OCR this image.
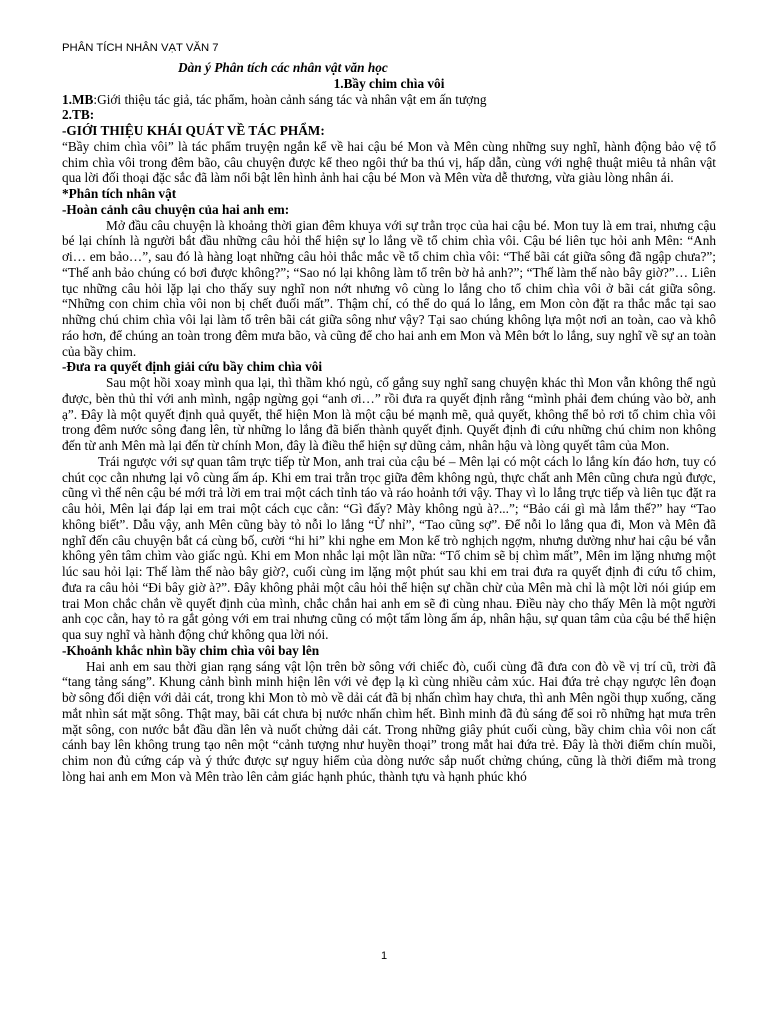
PHÂN TÍCH NHÂN VẠT VĂN 7
Dàn ý Phân tích các nhân vật văn học
1.Bầy chim chìa vôi
1.MB:Giới thiệu tác giả, tác phẩm, hoàn cảnh sáng tác và nhân vật em ấn tượng
2.TB:
-GIỚI THIỆU KHÁI QUÁT VỀ TÁC PHẨM:

“Bầy chim chìa vôi” là tác phẩm truyện ngắn kể về hai cậu bé Mon và Mên cùng những suy nghĩ, hành động bảo vệ tổ chim chìa vôi trong đêm bão, câu chuyện được kể theo ngôi thứ ba thú vị, hấp dẫn, cùng với nghệ thuật miêu tả nhân vật qua lời đối thoại đặc sắc đã làm nổi bật lên hình ảnh hai cậu bé Mon và Mên vừa dễ thương, vừa giàu lòng nhân ái.

*Phân tích nhân vật
-Hoàn cảnh câu chuyện của hai anh em:

Mở đầu câu chuyện là khoảng thời gian đêm khuya với sự trằn trọc của hai cậu bé. Mon tuy là em trai, nhưng cậu bé lại chính là người bắt đầu những câu hỏi thể hiện sự lo lắng về tổ chim chìa vôi. Cậu bé liên tục hỏi anh Mên: “Anh ơi… em bảo…”, sau đó là hàng loạt những câu hỏi thắc mắc về tổ chim chìa vôi: “Thế bãi cát giữa sông đã ngập chưa?”; “Thế anh bảo chúng có bơi được không?”; “Sao nó lại không làm tổ trên bờ hả anh?”; “Thế làm thế nào bây giờ?”… Liên tục những câu hỏi lặp lại cho thấy suy nghĩ non nớt nhưng vô cùng lo lắng cho tổ chim chìa vôi ở bãi cát giữa sông. “Những con chim chìa vôi non bị chết đuối mất”. Thậm chí, có thể do quá lo lắng, em Mon còn đặt ra thắc mắc tại sao những chú chim chìa vôi lại làm tổ trên bãi cát giữa sông như vậy? Tại sao chúng không lựa một nơi an toàn, cao và khô ráo hơn, để chúng an toàn trong đêm mưa bão, và cũng để cho hai anh em Mon và Mên bớt lo lắng, suy nghĩ về sự an toàn của bầy chim.

-Đưa ra quyết định giải cứu bầy chim chìa vôi

Sau một hồi xoay mình qua lại, thì thầm khó ngủ, cố gắng suy nghĩ sang chuyện khác thì Mon vẫn không thể ngủ được, bèn thủ thỉ với anh mình, ngập ngừng gọi “anh ơi…” rồi đưa ra quyết định rằng “mình phải đem chúng vào bờ, anh ạ”. Đây là một quyết định quả quyết, thể hiện Mon là một cậu bé mạnh mẽ, quả quyết, không thể bỏ rơi tổ chim chìa vôi trong đêm nước sông đang lên, từ những lo lắng đã biến thành quyết định. Quyết định đi cứu những chú chim non không đến từ anh Mên mà lại đến từ chính Mon, đây là điều thể hiện sự dũng cảm, nhân hậu và lòng quyết tâm của Mon.

Trái ngược với sự quan tâm trực tiếp từ Mon, anh trai của cậu bé – Mên lại có một cách lo lắng kín đáo hơn, tuy có chút cọc cằn nhưng lại vô cùng ấm áp. Khi em trai trằn trọc giữa đêm không ngủ, thực chất anh Mên cũng chưa ngủ được, cũng vì thế nên cậu bé mới trả lời em trai một cách tỉnh táo và ráo hoảnh tới vậy. Thay vì lo lắng trực tiếp và liên tục đặt ra câu hỏi, Mên lại đáp lại em trai một cách cục cằn: “Gì đấy? Mày không ngủ à?...”; “Bảo cái gì mà lắm thế?” hay “Tao không biết”. Dẫu vậy, anh Mên cũng bày tỏ nỗi lo lắng “Ừ nhỉ”, “Tao cũng sợ”. Để nỗi lo lắng qua đi, Mon và Mên đã nghĩ đến câu chuyện bắt cá cùng bố, cười “hi hi” khi nghe em Mon kể trò nghịch ngợm, nhưng dường như hai cậu bé vẫn không yên tâm chìm vào giấc ngủ. Khi em Mon nhắc lại một lần nữa: “Tổ chim sẽ bị chìm mất”, Mên im lặng nhưng một lúc sau hỏi lại: Thế làm thế nào bây giờ?, cuối cùng im lặng một phút sau khi em trai đưa ra quyết định đi cứu tổ chim, đưa ra câu hỏi “Đi bây giờ à?”. Đây không phải một câu hỏi thể hiện sự chần chừ của Mên mà chỉ là một lời nói giúp em trai Mon chắc chắn về quyết định của mình, chắc chắn hai anh em sẽ đi cùng nhau. Điều này cho thấy Mên là một người anh cọc cằn, hay tỏ ra gắt gỏng với em trai nhưng cũng có một tấm lòng ấm áp, nhân hậu, sự quan tâm của cậu bé thể hiện qua suy nghĩ và hành động chứ không qua lời nói.

-Khoảnh khắc nhìn bầy chim chìa vôi bay lên

Hai anh em sau thời gian rạng sáng vật lộn trên bờ sông với chiếc đò, cuối cùng đã đưa con đò về vị trí cũ, trời đã “tang tảng sáng”. Khung cảnh bình minh hiện lên với vẻ đẹp lạ kì cùng nhiều cảm xúc. Hai đứa trẻ chạy ngược lên đoạn bờ sông đối diện với dải cát, trong khi Mon tò mò về dải cát đã bị nhấn chìm hay chưa, thì anh Mên ngồi thụp xuống, căng mắt nhìn sát mặt sông. Thật may, bãi cát chưa bị nước nhấn chìm hết. Bình minh đã đủ sáng để soi rõ những hạt mưa trên mặt sông, con nước bắt đầu dần lên và nuốt chửng dải cát. Trong những giây phút cuối cùng, bầy chim chìa vôi non cất cánh bay lên không trung tạo nên một “cảnh tượng như huyền thoại” trong mắt hai đứa trẻ. Đây là thời điểm chín muồi, chim non đủ cứng cáp và ý thức được sự nguy hiểm của dòng nước sắp nuốt chửng chúng, cũng là thời điểm mà trong lòng hai anh em Mon và Mên trào lên cảm giác hạnh phúc, thành tựu và hạnh phúc khó

1
